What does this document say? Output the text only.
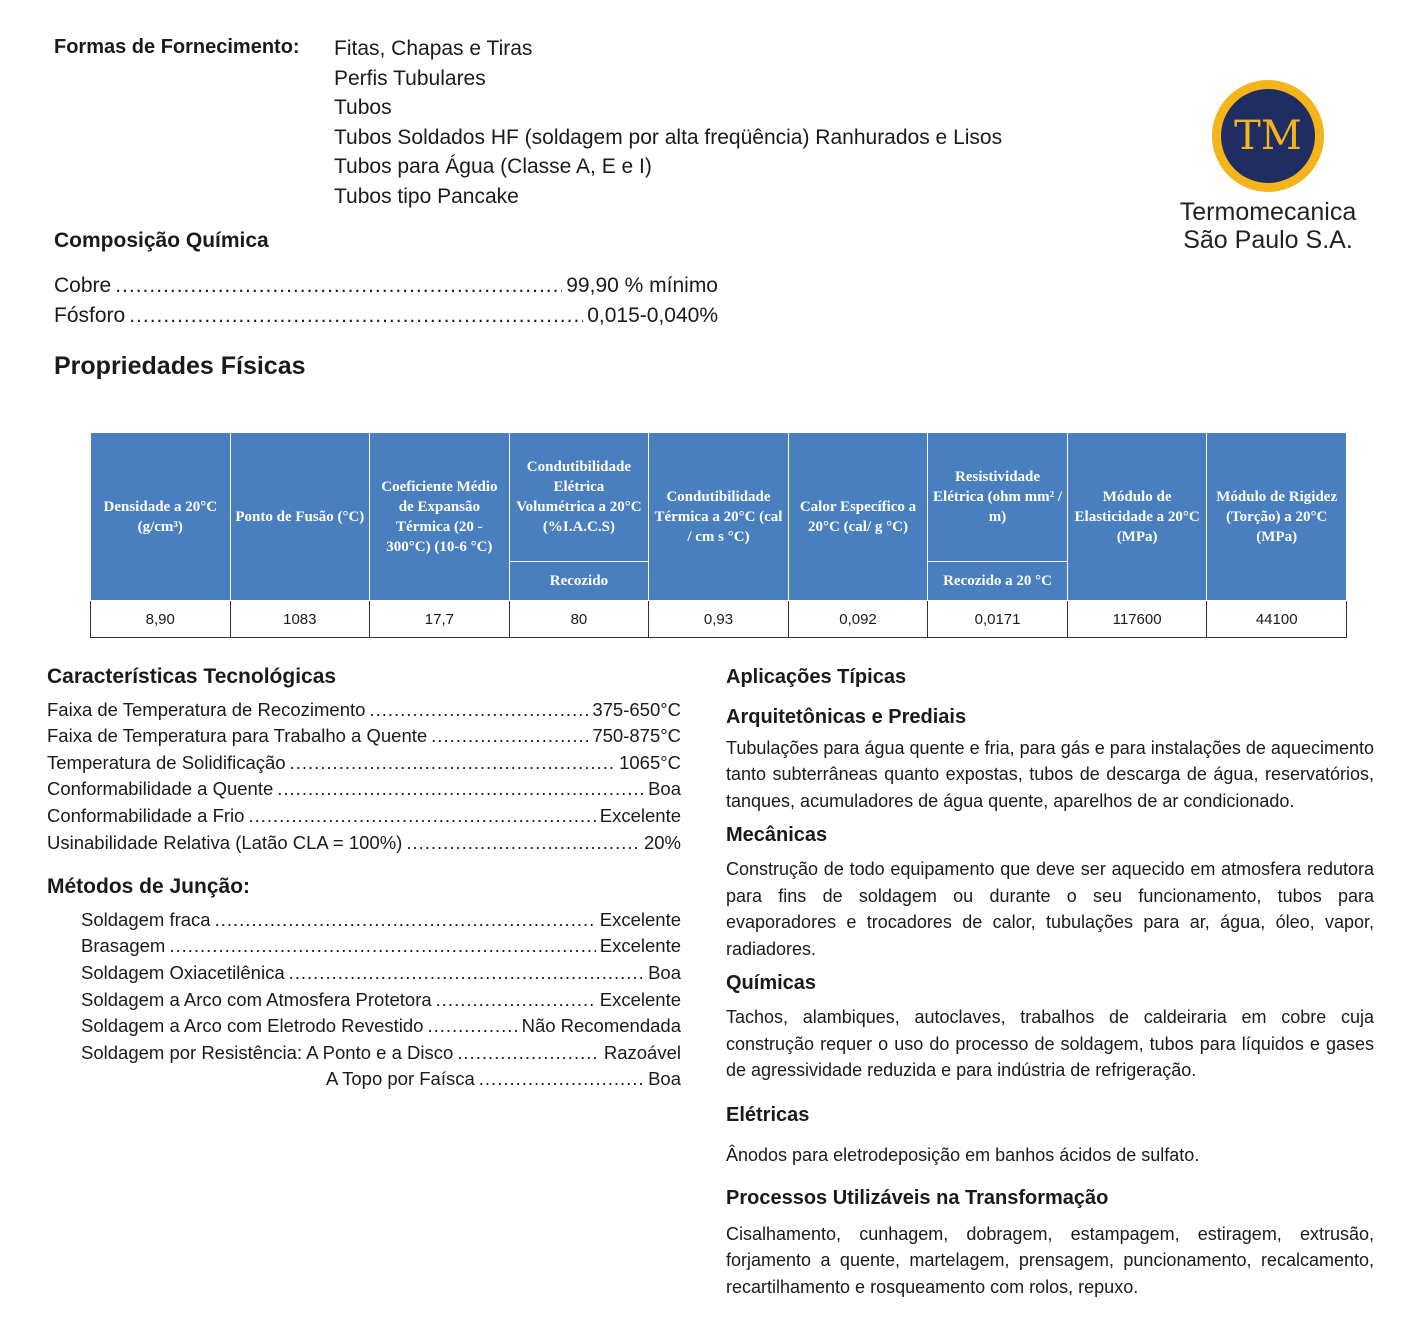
Formas de Fornecimento: Fitas, Chapas e Tiras
Perfis Tubulares
Tubos
Tubos Soldados HF (soldagem por alta freqüência) Ranhurados e Lisos
Tubos para Água (Classe A, E e I)
Tubos tipo Pancake
TM
Termomecanica
São Paulo S.A.
Composição Química
Cobre .....	99,90 % mínimo
Fósforo .....	0,015-0,040%
Propriedades Físicas
Densidade a 20°C (g/cm³)	Ponto de Fusão (°C)	Coeficiente Médio de Expansão Térmica (20 - 300°C) (10-6 °C)	Condutibilidade Elétrica Volumétrica a 20°C (%I.A.C.S)	Condutibilidade Térmica a 20°C (cal / cm s °C)	Calor Específico a 20°C (cal/ g °C)	Resistividade Elétrica (ohm mm² / m)	Módulo de Elasticidade a 20°C (MPa)	Módulo de Rigidez (Torção) a 20°C (MPa)
			Recozido			Recozido a 20 °C		
8,90	1083	17,7	80	0,93	0,092	0,0171	117600	44100
Características Tecnológicas
Faixa de Temperatura de Recozimento .....	375-650°C
Faixa de Temperatura para Trabalho a Quente .....	750-875°C
Temperatura de Solidificação .....	1065°C
Conformabilidade a Quente .....	Boa
Conformabilidade a Frio .....	Excelente
Usinabilidade Relativa (Latão CLA = 100%) .....	20%
Métodos de Junção:
Soldagem fraca .....	Excelente
Brasagem .....	Excelente
Soldagem Oxiacetilênica .....	Boa
Soldagem a Arco com Atmosfera Protetora .....	Excelente
Soldagem a Arco com Eletrodo Revestido .....	Não Recomendada
Soldagem por Resistência: A Ponto e a Disco .....	Razoável
A Topo por Faísca .....	Boa
Aplicações Típicas
Arquitetônicas e Prediais

Tubulações para água quente e fria, para gás e para instalações de aquecimento tanto subterrâneas quanto expostas, tubos de descarga de água, reservatórios, tanques, acumuladores de água quente, aparelhos de ar condicionado.

Mecânicas

Construção de todo equipamento que deve ser aquecido em atmosfera redutora para fins de soldagem ou durante o seu funcionamento, tubos para evaporadores e trocadores de calor, tubulações para ar, água, óleo, vapor, radiadores.

Químicas

Tachos, alambiques, autoclaves, trabalhos de caldeiraria em cobre cuja construção requer o uso do processo de soldagem, tubos para líquidos e gases de agressividade reduzida e para indústria de refrigeração.

Elétricas

Ânodos para eletrodeposição em banhos ácidos de sulfato.

Processos Utilizáveis na Transformação

Cisalhamento, cunhagem, dobragem, estampagem, estiragem, extrusão, forjamento a quente, martelagem, prensagem, puncionamento, recalcamento, recartilhamento e rosqueamento com rolos, repuxo.
